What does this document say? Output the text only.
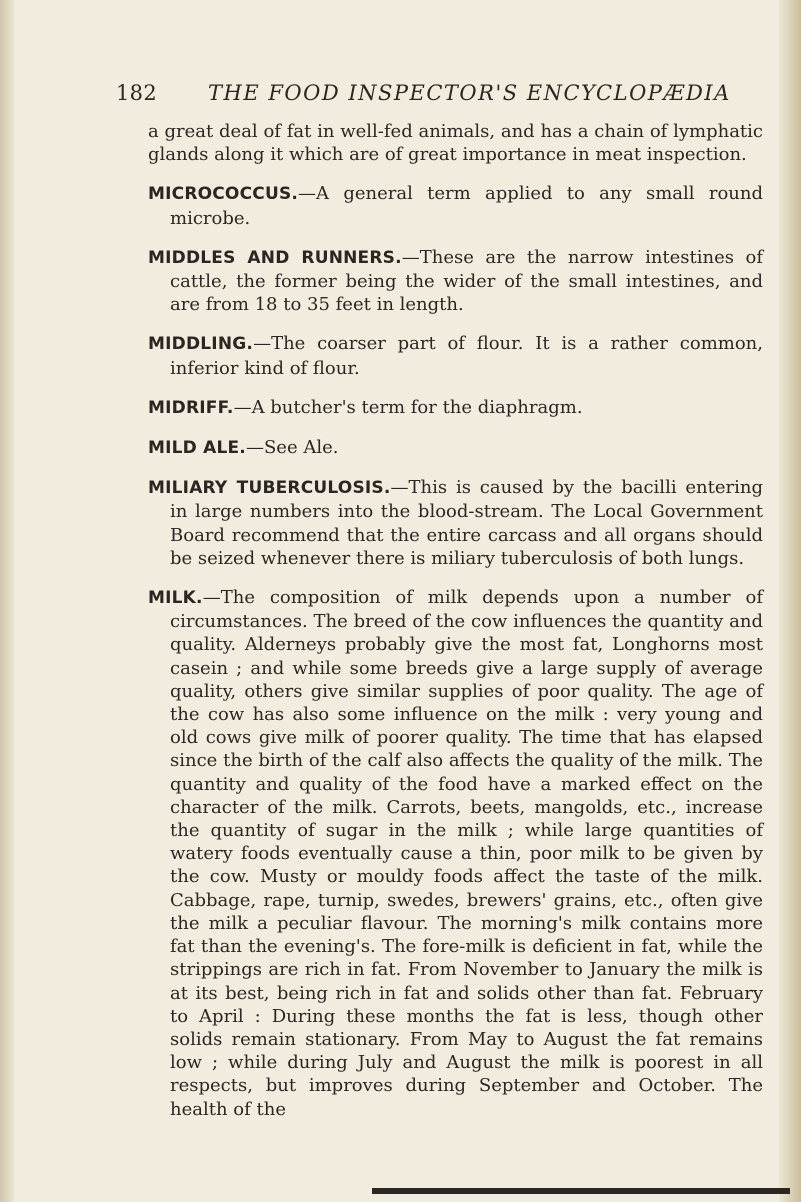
182 THE FOOD INSPECTOR'S ENCYCLOPÆDIA

a great deal of fat in well-fed animals, and has a chain of lymphatic glands along it which are of great importance in meat inspection.

MICROCOCCUS.—A general term applied to any small round microbe.

MIDDLES AND RUNNERS.—These are the narrow intestines of cattle, the former being the wider of the small intestines, and are from 18 to 35 feet in length.

MIDDLING.—The coarser part of flour. It is a rather common, inferior kind of flour.

MIDRIFF.—A butcher's term for the diaphragm.

MILD ALE.—See Ale.

MILIARY TUBERCULOSIS.—This is caused by the bacilli entering in large numbers into the blood-stream. The Local Government Board recommend that the entire carcass and all organs should be seized whenever there is miliary tuberculosis of both lungs.

MILK.—The composition of milk depends upon a number of circumstances. The breed of the cow influences the quantity and quality. Alderneys probably give the most fat, Longhorns most casein ; and while some breeds give a large supply of average quality, others give similar supplies of poor quality. The age of the cow has also some influence on the milk : very young and old cows give milk of poorer quality. The time that has elapsed since the birth of the calf also affects the quality of the milk. The quantity and quality of the food have a marked effect on the character of the milk. Carrots, beets, mangolds, etc., increase the quantity of sugar in the milk ; while large quantities of watery foods eventually cause a thin, poor milk to be given by the cow. Musty or mouldy foods affect the taste of the milk. Cabbage, rape, turnip, swedes, brewers' grains, etc., often give the milk a peculiar flavour. The morning's milk contains more fat than the evening's. The fore-milk is deficient in fat, while the strippings are rich in fat. From November to January the milk is at its best, being rich in fat and solids other than fat. February to April : During these months the fat is less, though other solids remain stationary. From May to August the fat remains low ; while during July and August the milk is poorest in all respects, but improves during September and October. The health of the
